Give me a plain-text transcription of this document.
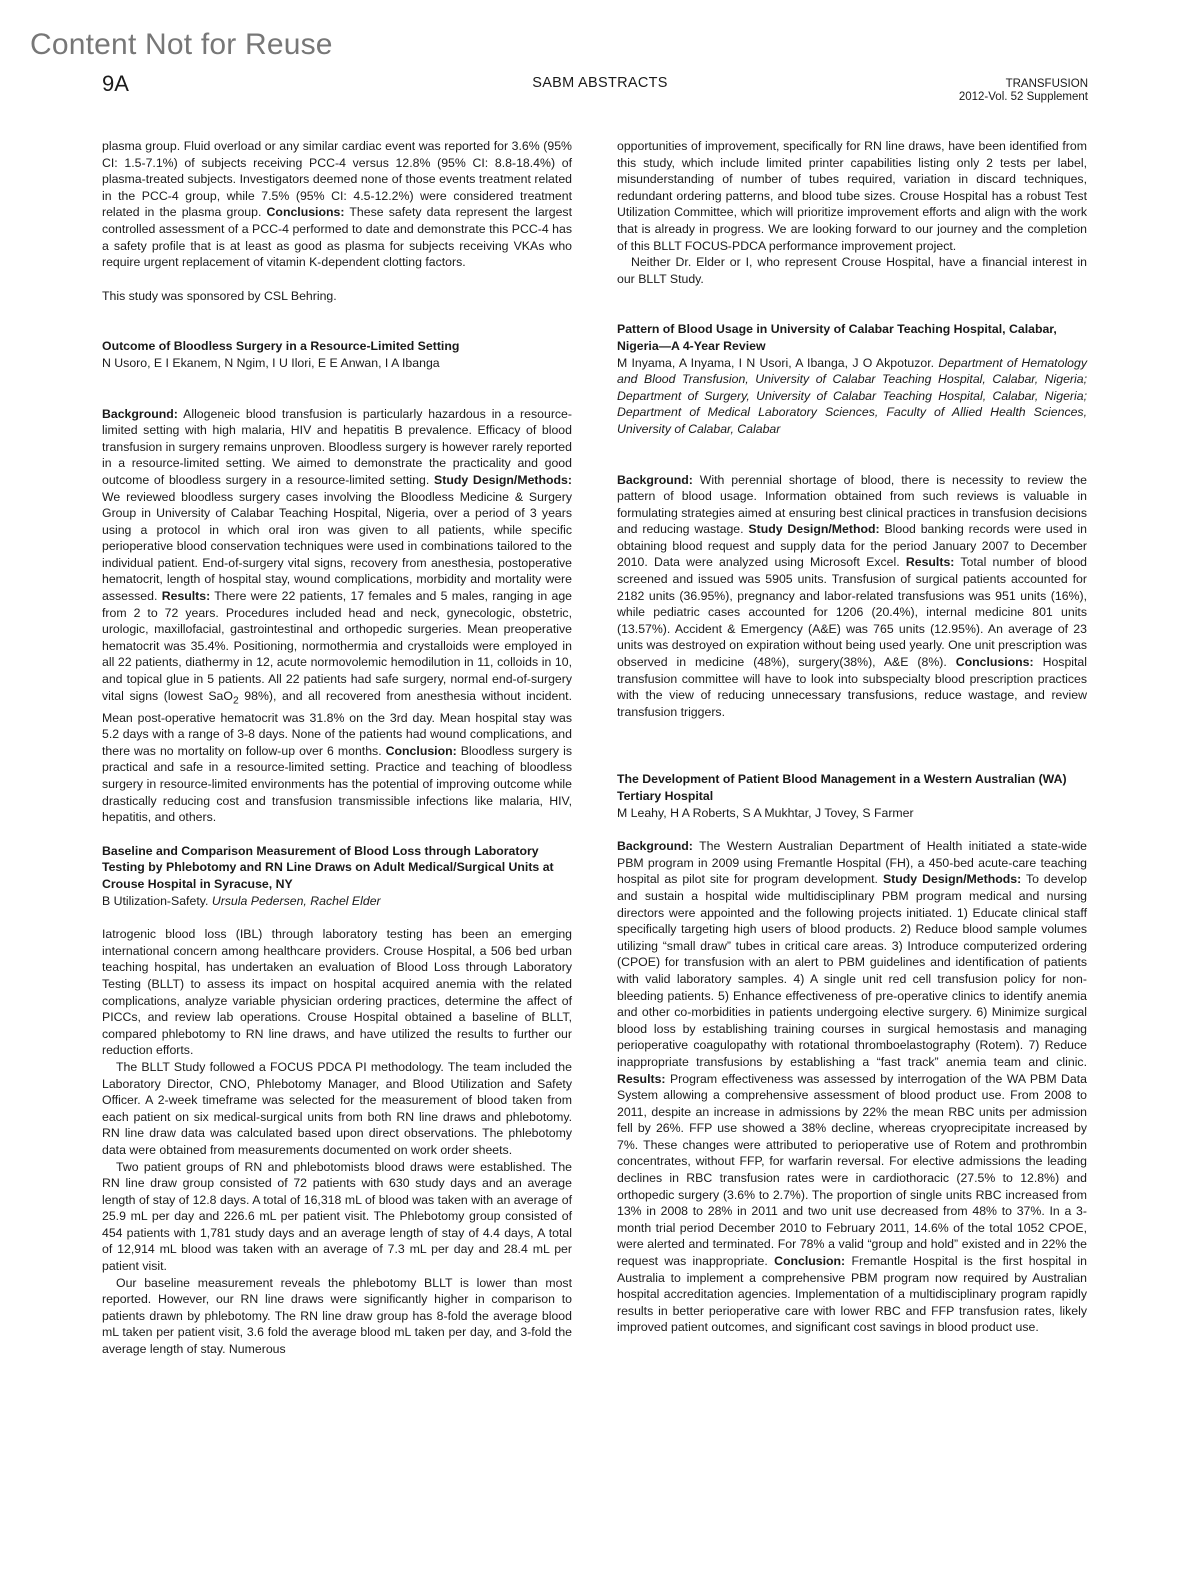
Content Not for Reuse
9A	SABM ABSTRACTS	TRANSFUSION
2012-Vol. 52 Supplement

plasma group. Fluid overload or any similar cardiac event was reported for 3.6% (95% CI: 1.5-7.1%) of subjects receiving PCC-4 versus 12.8% (95% CI: 8.8-18.4%) of plasma-treated subjects. Investigators deemed none of those events treatment related in the PCC-4 group, while 7.5% (95% CI: 4.5-12.2%) were considered treatment related in the plasma group. Conclusions: These safety data represent the largest controlled assessment of a PCC-4 performed to date and demonstrate this PCC-4 has a safety profile that is at least as good as plasma for subjects receiving VKAs who require urgent replacement of vitamin K-dependent clotting factors.

This study was sponsored by CSL Behring.

Outcome of Bloodless Surgery in a Resource-Limited Setting

N Usoro, E I Ekanem, N Ngim, I U Ilori, E E Anwan, I A Ibanga

Background: Allogeneic blood transfusion is particularly hazardous in a resource-limited setting with high malaria, HIV and hepatitis B prevalence. Efficacy of blood transfusion in surgery remains unproven. Bloodless surgery is however rarely reported in a resource-limited setting. We aimed to demonstrate the practicality and good outcome of bloodless surgery in a resource-limited setting. Study Design/Methods: We reviewed bloodless surgery cases involving the Bloodless Medicine & Surgery Group in University of Calabar Teaching Hospital, Nigeria, over a period of 3 years using a protocol in which oral iron was given to all patients, while specific perioperative blood conservation techniques were used in combinations tailored to the individual patient. End-of-surgery vital signs, recovery from anesthesia, postoperative hematocrit, length of hospital stay, wound complications, morbidity and mortality were assessed. Results: There were 22 patients, 17 females and 5 males, ranging in age from 2 to 72 years. Procedures included head and neck, gynecologic, obstetric, urologic, maxillofacial, gastrointestinal and orthopedic surgeries. Mean preoperative hematocrit was 35.4%. Positioning, normothermia and crystalloids were employed in all 22 patients, diathermy in 12, acute normovolemic hemodilution in 11, colloids in 10, and topical glue in 5 patients. All 22 patients had safe surgery, normal end-of-surgery vital signs (lowest SaO$_2$ 98%), and all recovered from anesthesia without incident. Mean post-operative hematocrit was 31.8% on the 3rd day. Mean hospital stay was 5.2 days with a range of 3-8 days. None of the patients had wound complications, and there was no mortality on follow-up over 6 months. Conclusion: Bloodless surgery is practical and safe in a resource-limited setting. Practice and teaching of bloodless surgery in resource-limited environments has the potential of improving outcome while drastically reducing cost and transfusion transmissible infections like malaria, HIV, hepatitis, and others.

Baseline and Comparison Measurement of Blood Loss through Laboratory Testing by Phlebotomy and RN Line Draws on Adult Medical/Surgical Units at Crouse Hospital in Syracuse, NY

B Utilization-Safety. Ursula Pedersen, Rachel Elder

Iatrogenic blood loss (IBL) through laboratory testing has been an emerging international concern among healthcare providers. Crouse Hospital, a 506 bed urban teaching hospital, has undertaken an evaluation of Blood Loss through Laboratory Testing (BLLT) to assess its impact on hospital acquired anemia with the related complications, analyze variable physician ordering practices, determine the affect of PICCs, and review lab operations. Crouse Hospital obtained a baseline of BLLT, compared phlebotomy to RN line draws, and have utilized the results to further our reduction efforts.

The BLLT Study followed a FOCUS PDCA PI methodology. The team included the Laboratory Director, CNO, Phlebotomy Manager, and Blood Utilization and Safety Officer. A 2-week timeframe was selected for the measurement of blood taken from each patient on six medical-surgical units from both RN line draws and phlebotomy. RN line draw data was calculated based upon direct observations. The phlebotomy data were obtained from measurements documented on work order sheets.

Two patient groups of RN and phlebotomists blood draws were established. The RN line draw group consisted of 72 patients with 630 study days and an average length of stay of 12.8 days. A total of 16,318 mL of blood was taken with an average of 25.9 mL per day and 226.6 mL per patient visit. The Phlebotomy group consisted of 454 patients with 1,781 study days and an average length of stay of 4.4 days, A total of 12,914 mL blood was taken with an average of 7.3 mL per day and 28.4 mL per patient visit.

Our baseline measurement reveals the phlebotomy BLLT is lower than most reported. However, our RN line draws were significantly higher in comparison to patients drawn by phlebotomy. The RN line draw group has 8-fold the average blood mL taken per patient visit, 3.6 fold the average blood mL taken per day, and 3-fold the average length of stay. Numerous

opportunities of improvement, specifically for RN line draws, have been identified from this study, which include limited printer capabilities listing only 2 tests per label, misunderstanding of number of tubes required, variation in discard techniques, redundant ordering patterns, and blood tube sizes. Crouse Hospital has a robust Test Utilization Committee, which will prioritize improvement efforts and align with the work that is already in progress. We are looking forward to our journey and the completion of this BLLT FOCUS-PDCA performance improvement project.

Neither Dr. Elder or I, who represent Crouse Hospital, have a financial interest in our BLLT Study.

Pattern of Blood Usage in University of Calabar Teaching Hospital, Calabar, Nigeria—A 4-Year Review

M Inyama, A Inyama, I N Usori, A Ibanga, J O Akpotuzor. Department of Hematology and Blood Transfusion, University of Calabar Teaching Hospital, Calabar, Nigeria; Department of Surgery, University of Calabar Teaching Hospital, Calabar, Nigeria; Department of Medical Laboratory Sciences, Faculty of Allied Health Sciences, University of Calabar, Calabar

Background: With perennial shortage of blood, there is necessity to review the pattern of blood usage. Information obtained from such reviews is valuable in formulating strategies aimed at ensuring best clinical practices in transfusion decisions and reducing wastage. Study Design/Method: Blood banking records were used in obtaining blood request and supply data for the period January 2007 to December 2010. Data were analyzed using Microsoft Excel. Results: Total number of blood screened and issued was 5905 units. Transfusion of surgical patients accounted for 2182 units (36.95%), pregnancy and labor-related transfusions was 951 units (16%), while pediatric cases accounted for 1206 (20.4%), internal medicine 801 units (13.57%). Accident & Emergency (A&E) was 765 units (12.95%). An average of 23 units was destroyed on expiration without being used yearly. One unit prescription was observed in medicine (48%), surgery(38%), A&E (8%). Conclusions: Hospital transfusion committee will have to look into subspecialty blood prescription practices with the view of reducing unnecessary transfusions, reduce wastage, and review transfusion triggers.

The Development of Patient Blood Management in a Western Australian (WA) Tertiary Hospital

M Leahy, H A Roberts, S A Mukhtar, J Tovey, S Farmer

Background: The Western Australian Department of Health initiated a state-wide PBM program in 2009 using Fremantle Hospital (FH), a 450-bed acute-care teaching hospital as pilot site for program development. Study Design/Methods: To develop and sustain a hospital wide multidisciplinary PBM program medical and nursing directors were appointed and the following projects initiated. 1) Educate clinical staff specifically targeting high users of blood products. 2) Reduce blood sample volumes utilizing “small draw” tubes in critical care areas. 3) Introduce computerized ordering (CPOE) for transfusion with an alert to PBM guidelines and identification of patients with valid laboratory samples. 4) A single unit red cell transfusion policy for non-bleeding patients. 5) Enhance effectiveness of pre-operative clinics to identify anemia and other co-morbidities in patients undergoing elective surgery. 6) Minimize surgical blood loss by establishing training courses in surgical hemostasis and managing perioperative coagulopathy with rotational thromboelastography (Rotem). 7) Reduce inappropriate transfusions by establishing a “fast track” anemia team and clinic. Results: Program effectiveness was assessed by interrogation of the WA PBM Data System allowing a comprehensive assessment of blood product use. From 2008 to 2011, despite an increase in admissions by 22% the mean RBC units per admission fell by 26%. FFP use showed a 38% decline, whereas cryoprecipitate increased by 7%. These changes were attributed to perioperative use of Rotem and prothrombin concentrates, without FFP, for warfarin reversal. For elective admissions the leading declines in RBC transfusion rates were in cardiothoracic (27.5% to 12.8%) and orthopedic surgery (3.6% to 2.7%). The proportion of single units RBC increased from 13% in 2008 to 28% in 2011 and two unit use decreased from 48% to 37%. In a 3-month trial period December 2010 to February 2011, 14.6% of the total 1052 CPOE, were alerted and terminated. For 78% a valid “group and hold” existed and in 22% the request was inappropriate. Conclusion: Fremantle Hospital is the first hospital in Australia to implement a comprehensive PBM program now required by Australian hospital accreditation agencies. Implementation of a multidisciplinary program rapidly results in better perioperative care with lower RBC and FFP transfusion rates, likely improved patient outcomes, and significant cost savings in blood product use.
